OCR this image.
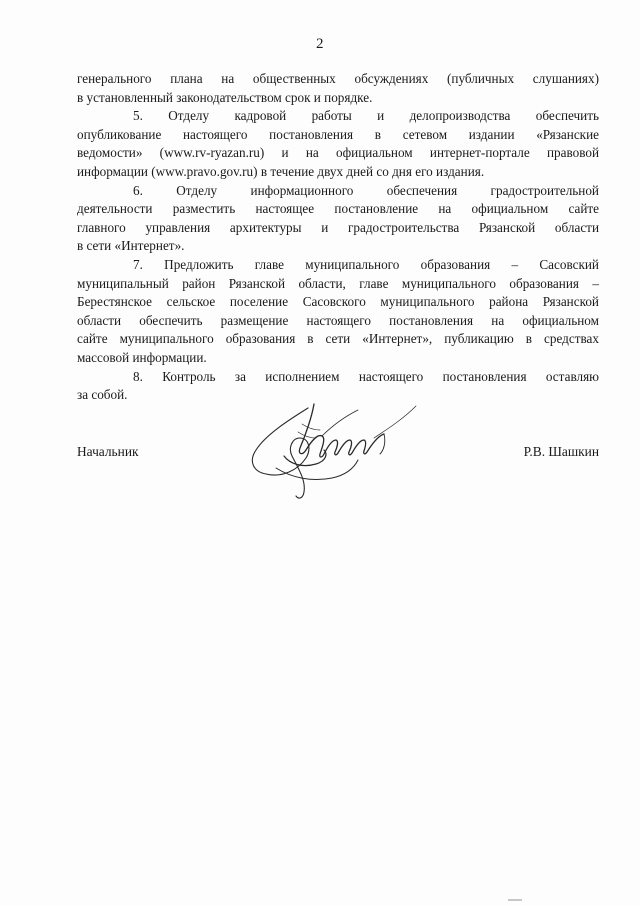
2

генерального плана на общественных обсуждениях (публичных слушаниях)
в установленный законодательством срок и порядке.

5. Отделу кадровой работы и делопроизводства обеспечить
опубликование настоящего постановления в сетевом издании «Рязанские
ведомости» (www.rv-ryazan.ru) и на официальном интернет-портале правовой
информации (www.pravo.gov.ru) в течение двух дней со дня его издания.

6. Отделу информационного обеспечения градостроительной
деятельности разместить настоящее постановление на официальном сайте
главного управления архитектуры и градостроительства Рязанской области
в сети «Интернет».

7. Предложить главе муниципального образования – Сасовский
муниципальный район Рязанской области, главе муниципального образования –
Берестянское сельское поселение Сасовского муниципального района Рязанской
области обеспечить размещение настоящего постановления на официальном
сайте муниципального образования в сети «Интернет», публикацию в средствах
массовой информации.

8. Контроль за исполнением настоящего постановления оставляю
за собой.

Начальник	Р.В. Шашкин
